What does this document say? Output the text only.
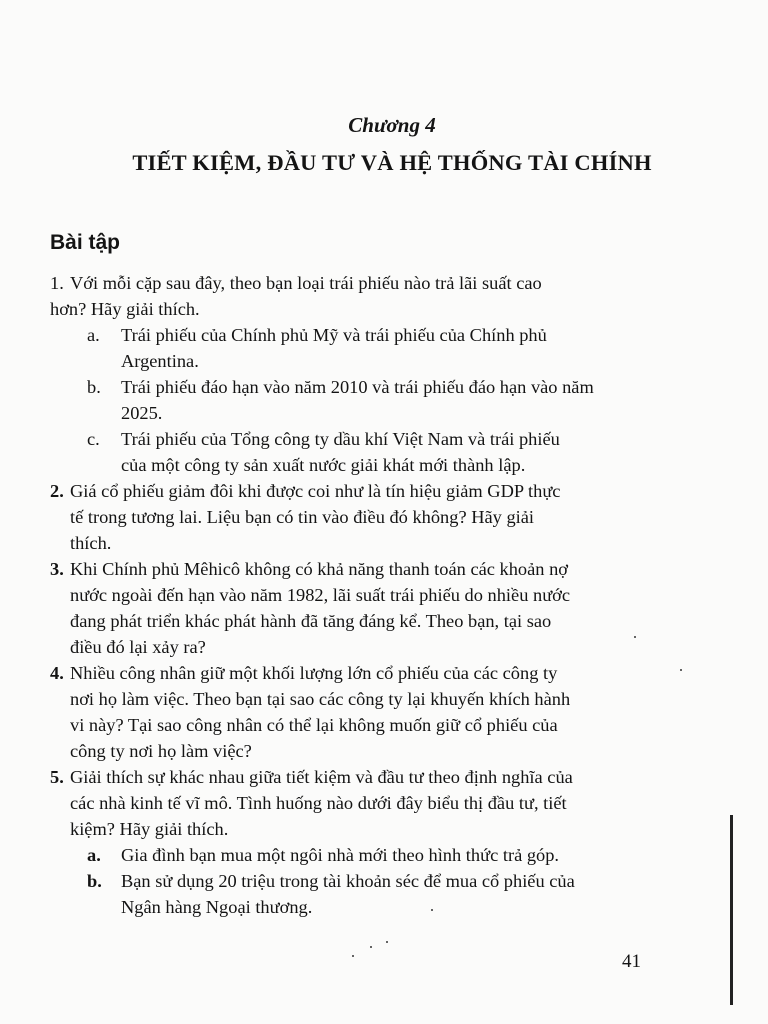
Chương 4
TIẾT KIỆM, ĐẦU TƯ VÀ HỆ THỐNG TÀI CHÍNH
Bài tập
1. Với mỗi cặp sau đây, theo bạn loại trái phiếu nào trả lãi suất cao
hơn? Hãy giải thích.
a. Trái phiếu của Chính phủ Mỹ và trái phiếu của Chính phủ
Argentina.
b. Trái phiếu đáo hạn vào năm 2010 và trái phiếu đáo hạn vào năm
2025.
c. Trái phiếu của Tổng công ty dầu khí Việt Nam và trái phiếu
của một công ty sản xuất nước giải khát mới thành lập.
2. Giá cổ phiếu giảm đôi khi được coi như là tín hiệu giảm GDP thực
tế trong tương lai. Liệu bạn có tin vào điều đó không? Hãy giải
thích.
3. Khi Chính phủ Mêhicô không có khả năng thanh toán các khoản nợ
nước ngoài đến hạn vào năm 1982, lãi suất trái phiếu do nhiều nước
đang phát triển khác phát hành đã tăng đáng kể. Theo bạn, tại sao
điều đó lại xảy ra?
4. Nhiều công nhân giữ một khối lượng lớn cổ phiếu của các công ty
nơi họ làm việc. Theo bạn tại sao các công ty lại khuyến khích hành
vi này? Tại sao công nhân có thể lại không muốn giữ cổ phiếu của
công ty nơi họ làm việc?
5. Giải thích sự khác nhau giữa tiết kiệm và đầu tư theo định nghĩa của
các nhà kinh tế vĩ mô. Tình huống nào dưới đây biểu thị đầu tư, tiết
kiệm? Hãy giải thích.
a. Gia đình bạn mua một ngôi nhà mới theo hình thức trả góp.
b. Bạn sử dụng 20 triệu trong tài khoản séc để mua cổ phiếu của
Ngân hàng Ngoại thương.
41
